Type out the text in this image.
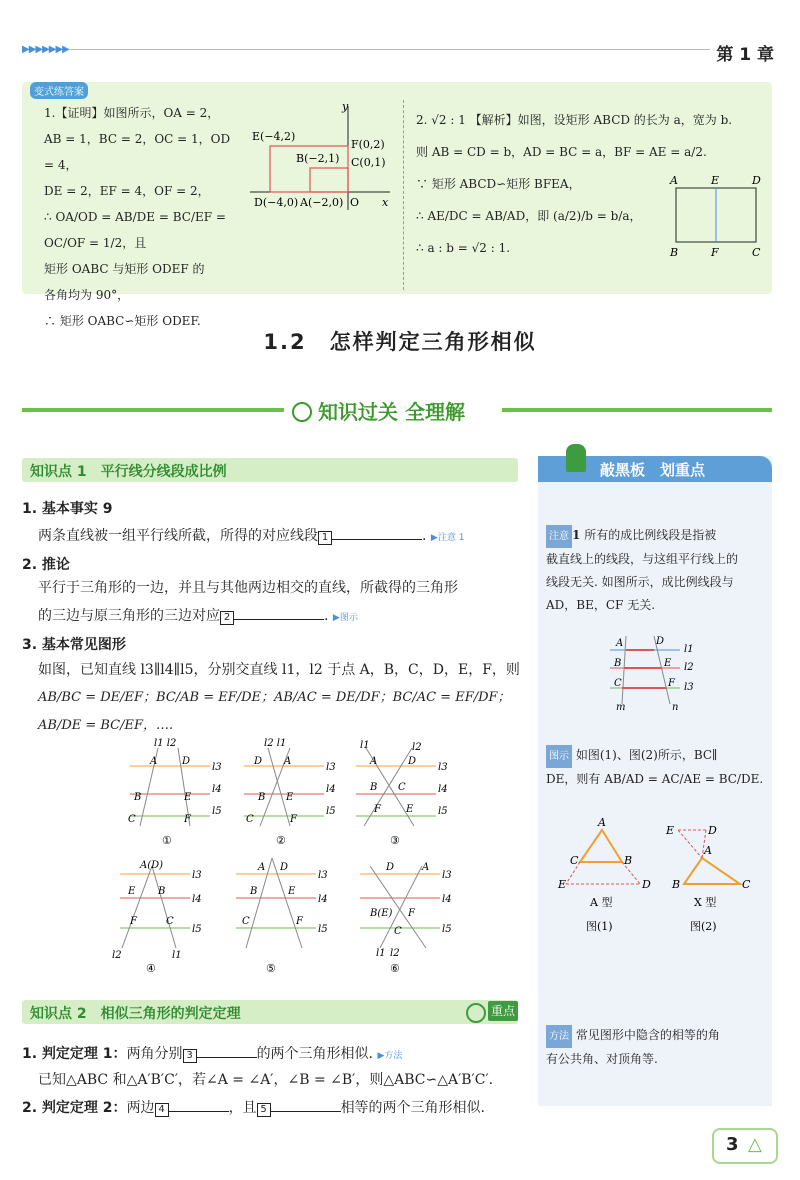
▶▶▶▶▶▶▶	第 1 章
变式练答案
1.【证明】如图所示，OA = 2，
AB = 1，BC = 2，OC = 1，OD = 4，
DE = 2，EF = 4，OF = 2，
∴ OA/OD = AB/DE = BC/EF = OC/OF = 1/2，且
矩形 OABC 与矩形 ODEF 的
各角均为 90°，
∴ 矩形 OABC∽矩形 ODEF.
y
E(−4,2)
F(0,2)
B(−2,1) C(0,1)
D(−4,0) A(−2,0) O x
2. √2 : 1 【解析】如图，设矩形 ABCD 的长为 a，宽为 b.
则 AB = CD = b，AD = BC = a，BF = AE = a/2.
∵ 矩形 ABCD∽矩形 BFEA，
∴ AE/DC = AB/AD，即 (a/2)/b = b/a，
∴ a : b = √2 : 1.
A	E	D
B	F	C
1.2　怎样判定三角形相似
知识过关 全理解
知识点 1　平行线分线段成比例
1. 基本事实 9
两条直线被一组平行线所截，所得的对应线段 1	. ▶注意 1
2. 推论
平行于三角形的一边，并且与其他两边相交的直线，所截得的三角形
的三边与原三角形的三边对应 2	. ▶图示
3. 基本常见图形
如图，已知直线 l3∥l4∥l5，分别交直线 l1，l2 于点 A，B，C，D，E，F，则
AB/BC = DE/EF；BC/AB = EF/DE；AB/AC = DE/DF；BC/AC = EF/DF；AB/DE = BC/EF，….
l1 l2
A D
l3
l4
l5
B	E
C	F
①
l2 l1
D A
l3
l4
l5
B E
C	F
②
l1	l2
A	D
l3
l4
l5
B
F
C
E
③
A(D)
l3
l4
l5
E B
F	C
l2	l1
④
A D
l3
l4
l5
B	E
C	F
⑤
D	A
l3
l4
l5
B(E) F
C
l1 l2
⑥
知识点 2　相似三角形的判定定理	重点
1. 判定定理 1：两角分别 3	的两个三角形相似. ▶方法
已知△ABC 和△A′B′C′，若∠A = ∠A′，∠B = ∠B′，则△ABC∽△A′B′C′.
2. 判定定理 2：两边 4	，且 5	相等的两个三角形相似.
敲黑板　划重点
注意 1 所有的成比例线段是指被
截直线上的线段，与这组平行线上的
线段无关. 如图所示，成比例线段与
AD，BE，CF 无关.
A	D
l1
B	E l2
C	F l3
m	n
图示 如图(1)、图(2)所示，BC∥
DE，则有 AB/AD = AC/AE = BC/DE.
A
C	B
E	D
A 型
图(1)
E	D
A
B	C
X 型
图(2)
方法 常见图形中隐含的相等的角
有公共角、对顶角等.
3 △
